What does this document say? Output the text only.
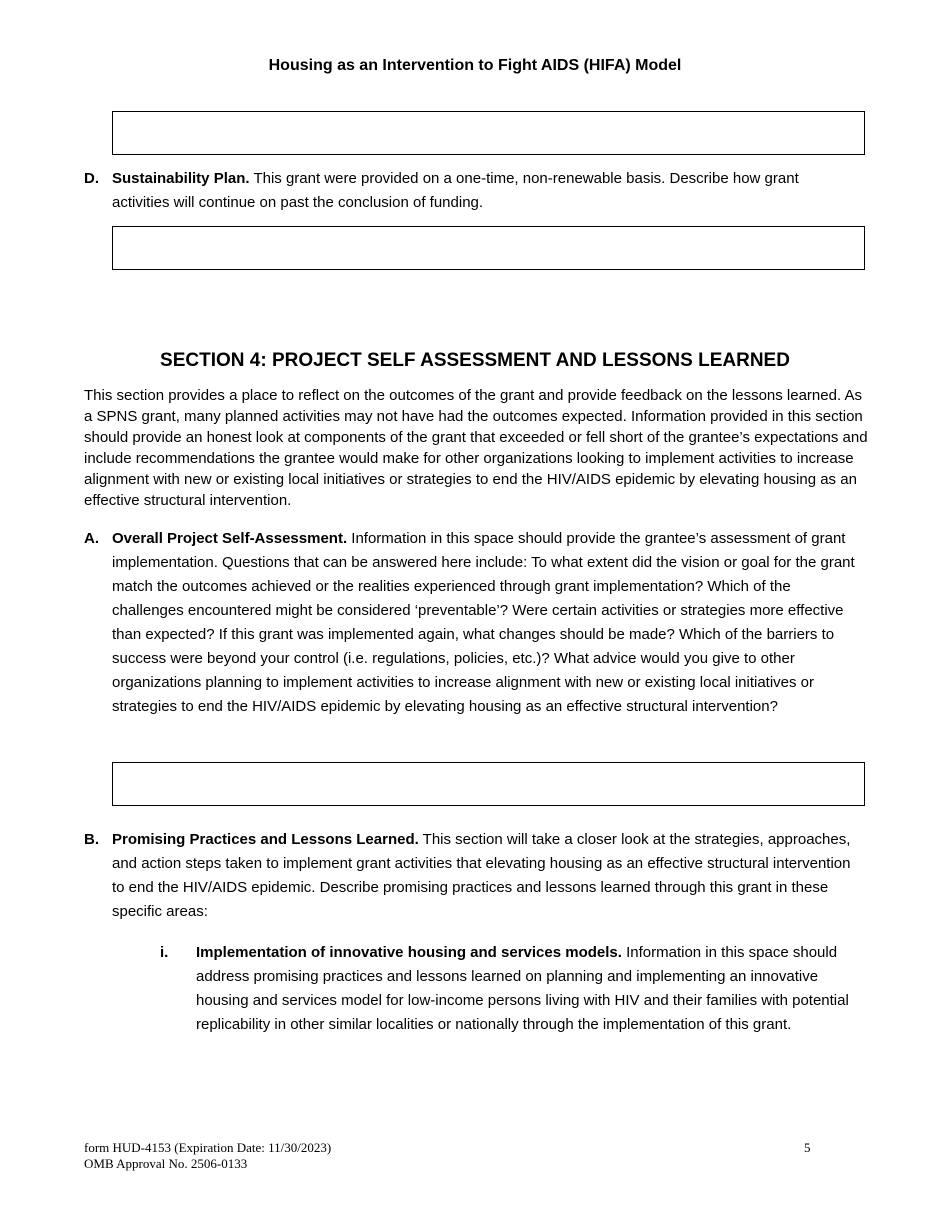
Housing as an Intervention to Fight AIDS (HIFA) Model
D. Sustainability Plan. This grant were provided on a one-time, non-renewable basis. Describe how grant activities will continue on past the conclusion of funding.
SECTION 4: PROJECT SELF ASSESSMENT AND LESSONS LEARNED
This section provides a place to reflect on the outcomes of the grant and provide feedback on the lessons learned. As a SPNS grant, many planned activities may not have had the outcomes expected. Information provided in this section should provide an honest look at components of the grant that exceeded or fell short of the grantee’s expectations and include recommendations the grantee would make for other organizations looking to implement activities to increase alignment with new or existing local initiatives or strategies to end the HIV/AIDS epidemic by elevating housing as an effective structural intervention.
A. Overall Project Self-Assessment. Information in this space should provide the grantee’s assessment of grant implementation. Questions that can be answered here include: To what extent did the vision or goal for the grant match the outcomes achieved or the realities experienced through grant implementation? Which of the challenges encountered might be considered ‘preventable’? Were certain activities or strategies more effective than expected? If this grant was implemented again, what changes should be made? Which of the barriers to success were beyond your control (i.e. regulations, policies, etc.)? What advice would you give to other organizations planning to implement activities to increase alignment with new or existing local initiatives or strategies to end the HIV/AIDS epidemic by elevating housing as an effective structural intervention?
B. Promising Practices and Lessons Learned. This section will take a closer look at the strategies, approaches, and action steps taken to implement grant activities that elevating housing as an effective structural intervention to end the HIV/AIDS epidemic. Describe promising practices and lessons learned through this grant in these specific areas:
i. Implementation of innovative housing and services models. Information in this space should address promising practices and lessons learned on planning and implementing an innovative housing and services model for low-income persons living with HIV and their families with potential replicability in other similar localities or nationally through the implementation of this grant.
form HUD-4153 (Expiration Date: 11/30/2023)
OMB Approval No. 2506-0133
5
